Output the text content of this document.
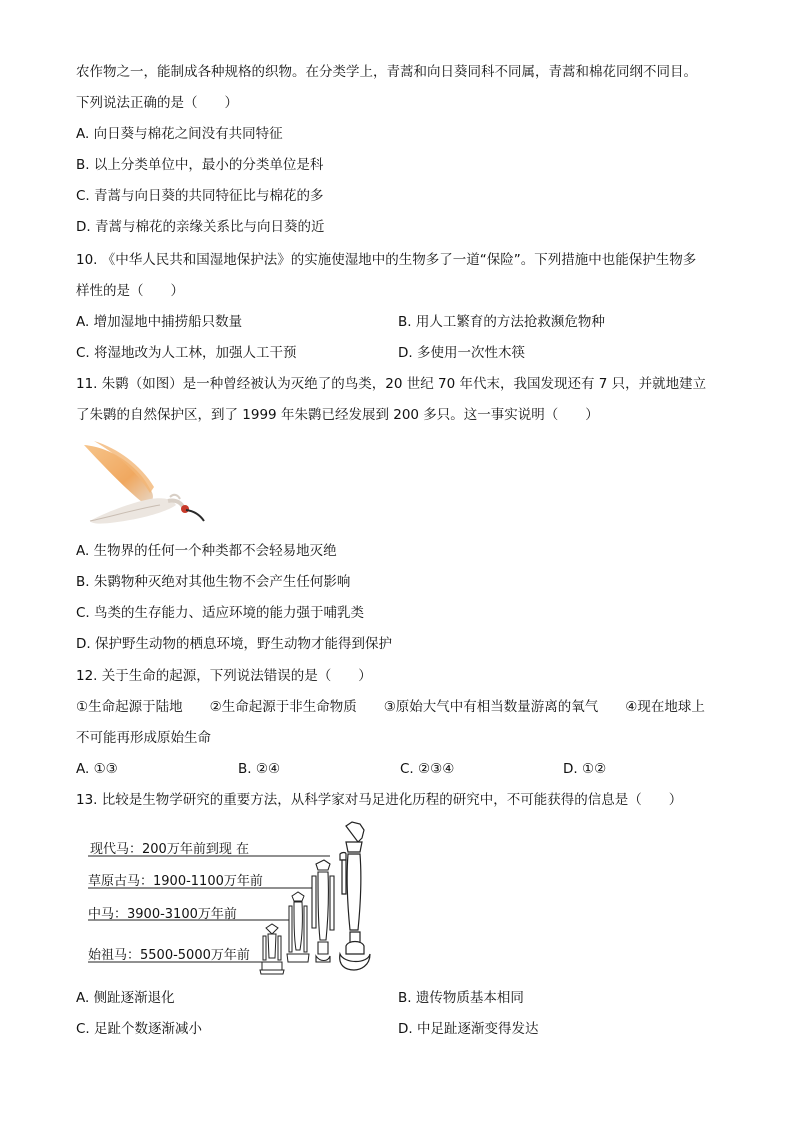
农作物之一，能制成各种规格的织物。在分类学上，青蒿和向日葵同科不同属，青蒿和棉花同纲不同目。
下列说法正确的是（　　）
A. 向日葵与棉花之间没有共同特征
B. 以上分类单位中，最小的分类单位是科
C. 青蒿与向日葵的共同特征比与棉花的多
D. 青蒿与棉花的亲缘关系比与向日葵的近
10. 《中华人民共和国湿地保护法》的实施使湿地中的生物多了一道“保险”。下列措施中也能保护生物多
样性的是（　　）
A. 增加湿地中捕捞船只数量	B. 用人工繁育的方法抢救濒危物种
C. 将湿地改为人工林，加强人工干预	D. 多使用一次性木筷
11. 朱鹮（如图）是一种曾经被认为灭绝了的鸟类，20 世纪 70 年代末，我国发现还有 7 只，并就地建立
了朱鹮的自然保护区，到了 1999 年朱鹮已经发展到 200 多只。这一事实说明（　　）
A. 生物界的任何一个种类都不会轻易地灭绝
B. 朱鹮物种灭绝对其他生物不会产生任何影响
C. 鸟类的生存能力、适应环境的能力强于哺乳类
D. 保护野生动物的栖息环境，野生动物才能得到保护
12. 关于生命的起源，下列说法错误的是（　　）
①生命起源于陆地　　②生命起源于非生命物质　　③原始大气中有相当数量游离的氧气　　④现在地球上
不可能再形成原始生命
A. ①③	B. ②④	C. ②③④	D. ①②
13. 比较是生物学研究的重要方法，从科学家对马足进化历程的研究中，不可能获得的信息是（　　）
现代马：200万年前到现 在
草原古马：1900-1100万年前
中马：3900-3100万年前
始祖马：5500-5000万年前
A. 侧趾逐渐退化	B. 遗传物质基本相同
C. 足趾个数逐渐减小	D. 中足趾逐渐变得发达
